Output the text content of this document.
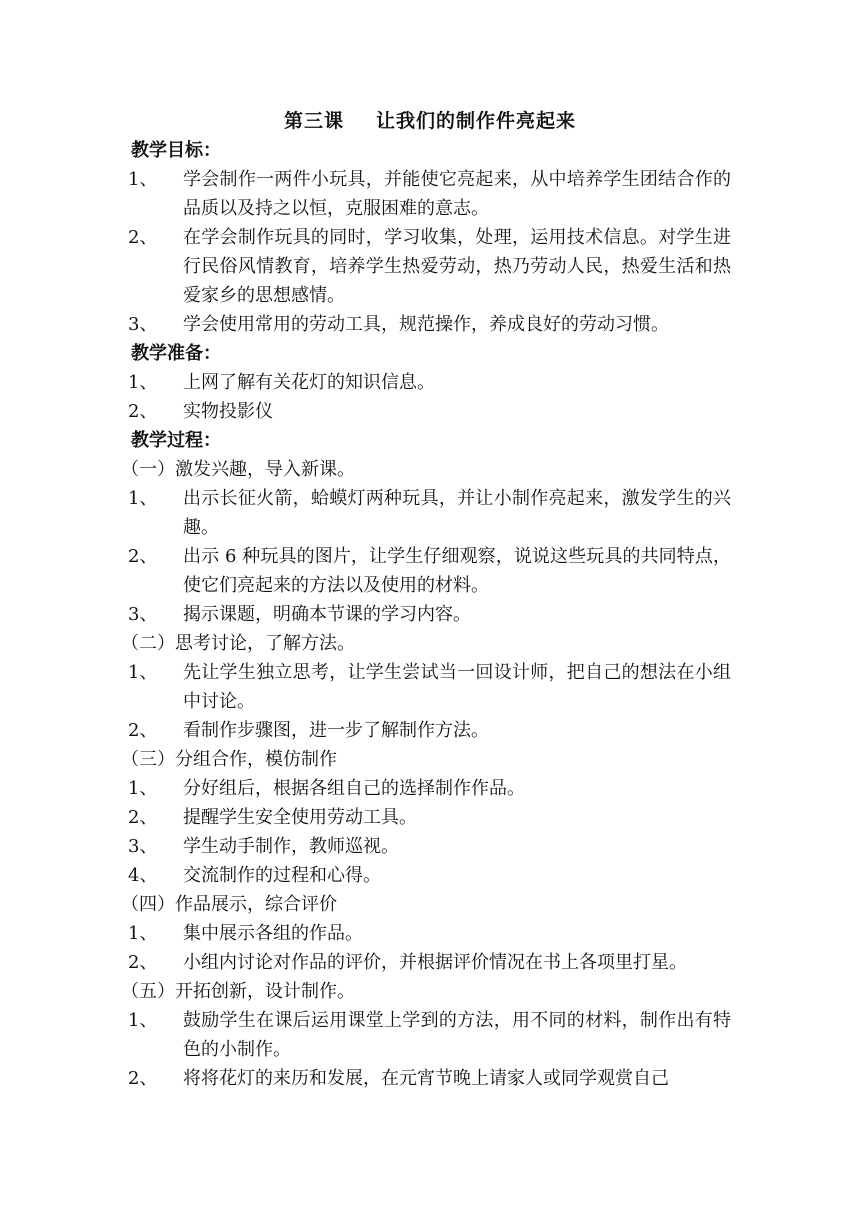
第三课 让我们的制作件亮起来
教学目标：
1、	学会制作一两件小玩具，并能使它亮起来，从中培养学生团结合作的品质以及持之以恒，克服困难的意志。
2、	在学会制作玩具的同时，学习收集，处理，运用技术信息。对学生进行民俗风情教育，培养学生热爱劳动，热乃劳动人民，热爱生活和热爱家乡的思想感情。
3、	学会使用常用的劳动工具，规范操作，养成良好的劳动习惯。
教学准备：
1、	上网了解有关花灯的知识信息。
2、	实物投影仪
教学过程：
（一）激发兴趣，导入新课。
1、	出示长征火箭，蛤蟆灯两种玩具，并让小制作亮起来，激发学生的兴趣。
2、	出示 6 种玩具的图片，让学生仔细观察，说说这些玩具的共同特点，使它们亮起来的方法以及使用的材料。
3、	揭示课题，明确本节课的学习内容。
（二）思考讨论，了解方法。
1、	先让学生独立思考，让学生尝试当一回设计师，把自己的想法在小组中讨论。
2、	看制作步骤图，进一步了解制作方法。
（三）分组合作，模仿制作
1、	分好组后，根据各组自己的选择制作作品。
2、	提醒学生安全使用劳动工具。
3、	学生动手制作，教师巡视。
4、	交流制作的过程和心得。
（四）作品展示，综合评价
1、	集中展示各组的作品。
2、	小组内讨论对作品的评价，并根据评价情况在书上各项里打星。
（五）开拓创新，设计制作。
1、	鼓励学生在课后运用课堂上学到的方法，用不同的材料，制作出有特色的小制作。
2、	将将花灯的来历和发展，在元宵节晚上请家人或同学观赏自己
